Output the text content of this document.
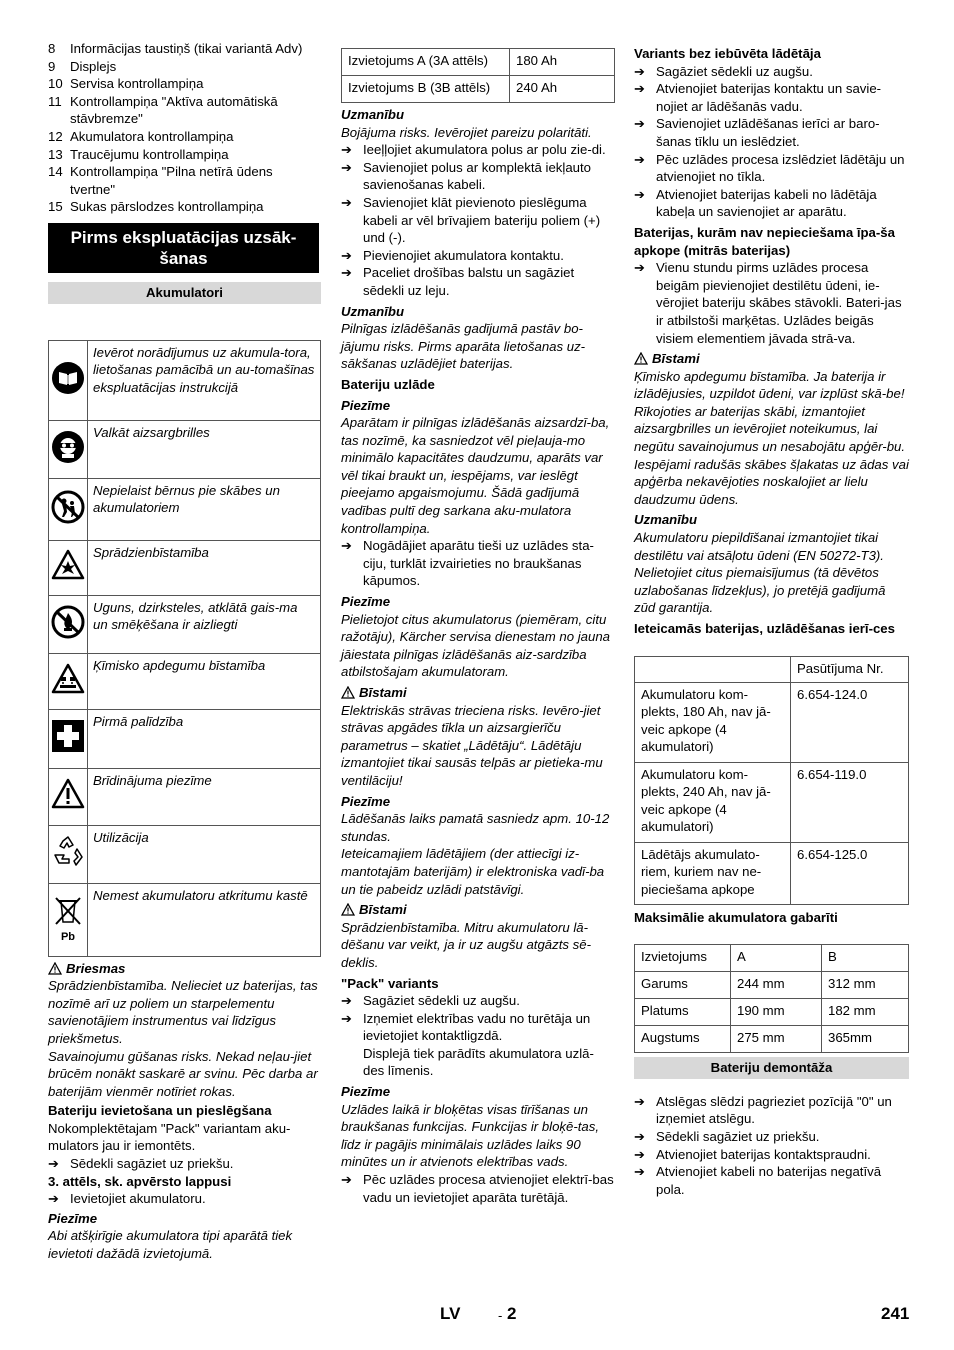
8	Informācijas taustiņš (tikai variantā Adv)
9	Displejs
10 Servisa kontrollampiņa
11 Kontrollampiņa "Aktīva automātiskā stāvbremze"
12 Akumulatora kontrollampiņa
13 Traucējumu kontrollampiņa
14 Kontrollampiņa "Pilna netīrā ūdens tvertne"
15 Sukas pārslodzes kontrollampiņa
Pirms ekspluatācijas uzsāk-šanas
Akumulatori
	Ievērot norādījumus uz akumula-tora, lietošanas pamācībā un au-tomašīnas ekspluatācijas instrukcijā
	Valkāt aizsargbrilles
	Nepielaist bērnus pie skābes un akumulatoriem
	Sprādzienbīstamība
	Uguns, dzirksteles, atklātā gais-ma un smēķēšana ir aizliegti
	Ķīmisko apdegumu bīstamība
	Pirmā palīdzība
	Brīdinājuma piezīme
	Utilizācija

Pb	Nemest akumulatoru atkritumu kastē
Briesmas

Sprādzienbīstamība. Nelieciet uz baterijas, tas nozīmē arī uz poliem un starpelementu savienotājiem instrumentus vai līdzīgus priekšmetus.

Savainojumu gūšanas risks. Nekad neļau-jiet brūcēm nonākt saskarē ar svinu. Pēc darba ar baterijām vienmēr notīriet rokas.

Bateriju ievietošana un pieslēgšana

Nokomplektētajam "Pack" variantam aku-mulators jau ir iemontēts.

➔ Sēdekli sagāziet uz priekšu.

3. attēls, sk. apvērsto lappusi

➔ Ievietojiet akumulatoru.

Piezīme

Abi atšķirīgie akumulatora tipi aparātā tiek ievietoti dažādā izvietojumā.

Izvietojums A (3A attēls)	180 Ah
Izvietojums B (3B attēls)	240 Ah

Uzmanību

Bojājuma risks. Ievērojiet pareizu polaritāti.

➔ Ieeļļojiet akumulatora polus ar polu zie-di.
➔ Savienojiet polus ar komplektā iekļauto savienošanas kabeli.
➔ Savienojiet klāt pievienoto pieslēguma kabeli ar vēl brīvajiem bateriju poliem (+) und (-).
➔ Pievienojiet akumulatora kontaktu.
➔ Paceliet drošības balstu un sagāziet sēdekli uz leju.

Uzmanību

Pilnīgas izlādēšanās gadījumā pastāv bo-jājumu risks. Pirms aparāta lietošanas uz-sākšanas uzlādējiet baterijas.

Bateriju uzlāde

Piezīme

Aparātam ir pilnīgas izlādēšanās aizsardzī-ba, tas nozīmē, ka sasniedzot vēl pieļauja-mo minimālo kapacitātes daudzumu, aparāts var vēl tikai braukt un, iespējams, var ieslēgt pieejamo apgaismojumu. Šādā gadījumā vadības pultī deg sarkana aku-mulatora kontrollampiņa.

➔ Nogādājiet aparātu tieši uz uzlādes sta-ciju, turklāt izvairieties no braukšanas kāpumos.

Piezīme

Pielietojot citus akumulatorus (piemēram, citu ražotāju), Kärcher servisa dienestam no jauna jāiestata pilnīgas izlādēšanās aiz-sardzība atbilstošajam akumulatoram.

Bīstami

Elektriskās strāvas trieciena risks. Ievēro-jiet strāvas apgādes tīkla un aizsargierīču parametrus – skatiet „Lādētāju“. Lādētāju izmantojiet tikai sausās telpās ar pietieka-mu ventilāciju!

Piezīme

Lādēšanās laiks pamatā sasniedz apm. 10-12 stundas.

Ieteicamajiem lādētājiem (der attiecīgi iz-mantotajām baterijām) ir elektroniska vadī-ba un tie pabeidz uzlādi patstāvīgi.

Bīstami

Sprādzienbīstamība. Mitru akumulatoru lā-dēšanu var veikt, ja ir uz augšu atgāzts sē-deklis.

"Pack" variants

➔ Sagāziet sēdekli uz augšu.
➔ Izņemiet elektrības vadu no turētāja un ievietojiet kontaktligzdā.

Displejā tiek parādīts akumulatora uzlā-des līmenis.

Piezīme

Uzlādes laikā ir bloķētas visas tīrīšanas un braukšanas funkcijas. Funkcijas ir bloķē-tas, līdz ir pagājis minimālais uzlādes laiks 90 minūtes un ir atvienots elektrības vads.

➔ Pēc uzlādes procesa atvienojiet elektrī-bas vadu un ievietojiet aparāta turētājā.

Variants bez iebūvēta lādētāja

➔ Sagāziet sēdekli uz augšu.
➔ Atvienojiet baterijas kontaktu un savie-nojiet ar lādēšanās vadu.
➔ Savienojiet uzlādēšanas ierīci ar baro-šanas tīklu un ieslēdziet.
➔ Pēc uzlādes procesa izslēdziet lādētāju un atvienojiet no tīkla.
➔ Atvienojiet baterijas kabeli no lādētāja kabeļa un savienojiet ar aparātu.

Baterijas, kurām nav nepieciešama īpa-ša apkope (mitrās baterijas)

➔ Vienu stundu pirms uzlādes procesa beigām pievienojiet destilētu ūdeni, ie-vērojiet bateriju skābes stāvokli. Bateri-jas ir atbilstoši marķētas. Uzlādes beigās visiem elementiem jāvada strā-va.
Bīstami

Ķīmisko apdegumu bīstamība. Ja baterija ir izlādējusies, uzpildot ūdeni, var izplūst skā-be!

Rīkojoties ar baterijas skābi, izmantojiet aizsargbrilles un ievērojiet noteikumus, lai negūtu savainojumus un nesabojātu apģēr-bu.

Iespējami radušās skābes šļakatas uz ādas vai apģērba nekavējoties noskalojiet ar lielu daudzumu ūdens.

Uzmanību

Akumulatoru piepildīšanai izmantojiet tikai destilētu vai atsāļotu ūdeni (EN 50272-T3). Nelietojiet citus piemaisījumus (tā dēvētos uzlabošanas līdzekļus), jo pretējā gadījumā zūd garantija.

Ieteicamās baterijas, uzlādēšanas ierī-ces

	Pasūtījuma Nr.
Akumulatoru kom-plekts, 180 Ah, nav jā-veic apkope (4 akumulatori)	6.654-124.0
Akumulatoru kom-plekts, 240 Ah, nav jā-veic apkope (4 akumulatori)	6.654-119.0
Lādētājs akumulato-riem, kuriem nav ne-pieciešama apkope	6.654-125.0

Maksimālie akumulatora gabarīti

Izvietojums	A	B
Garums	244 mm	312 mm
Platums	190 mm	182 mm
Augstums	275 mm	365mm
Bateriju demontāža
➔ Atslēgas slēdzi pagrieziet pozīcijā "0" un izņemiet atslēgu.
➔ Sēdekli sagāziet uz priekšu.
➔ Atvienojiet baterijas kontaktspraudni.
➔ Atvienojiet kabeli no baterijas negatīvā pola.
LV	- 2	241
